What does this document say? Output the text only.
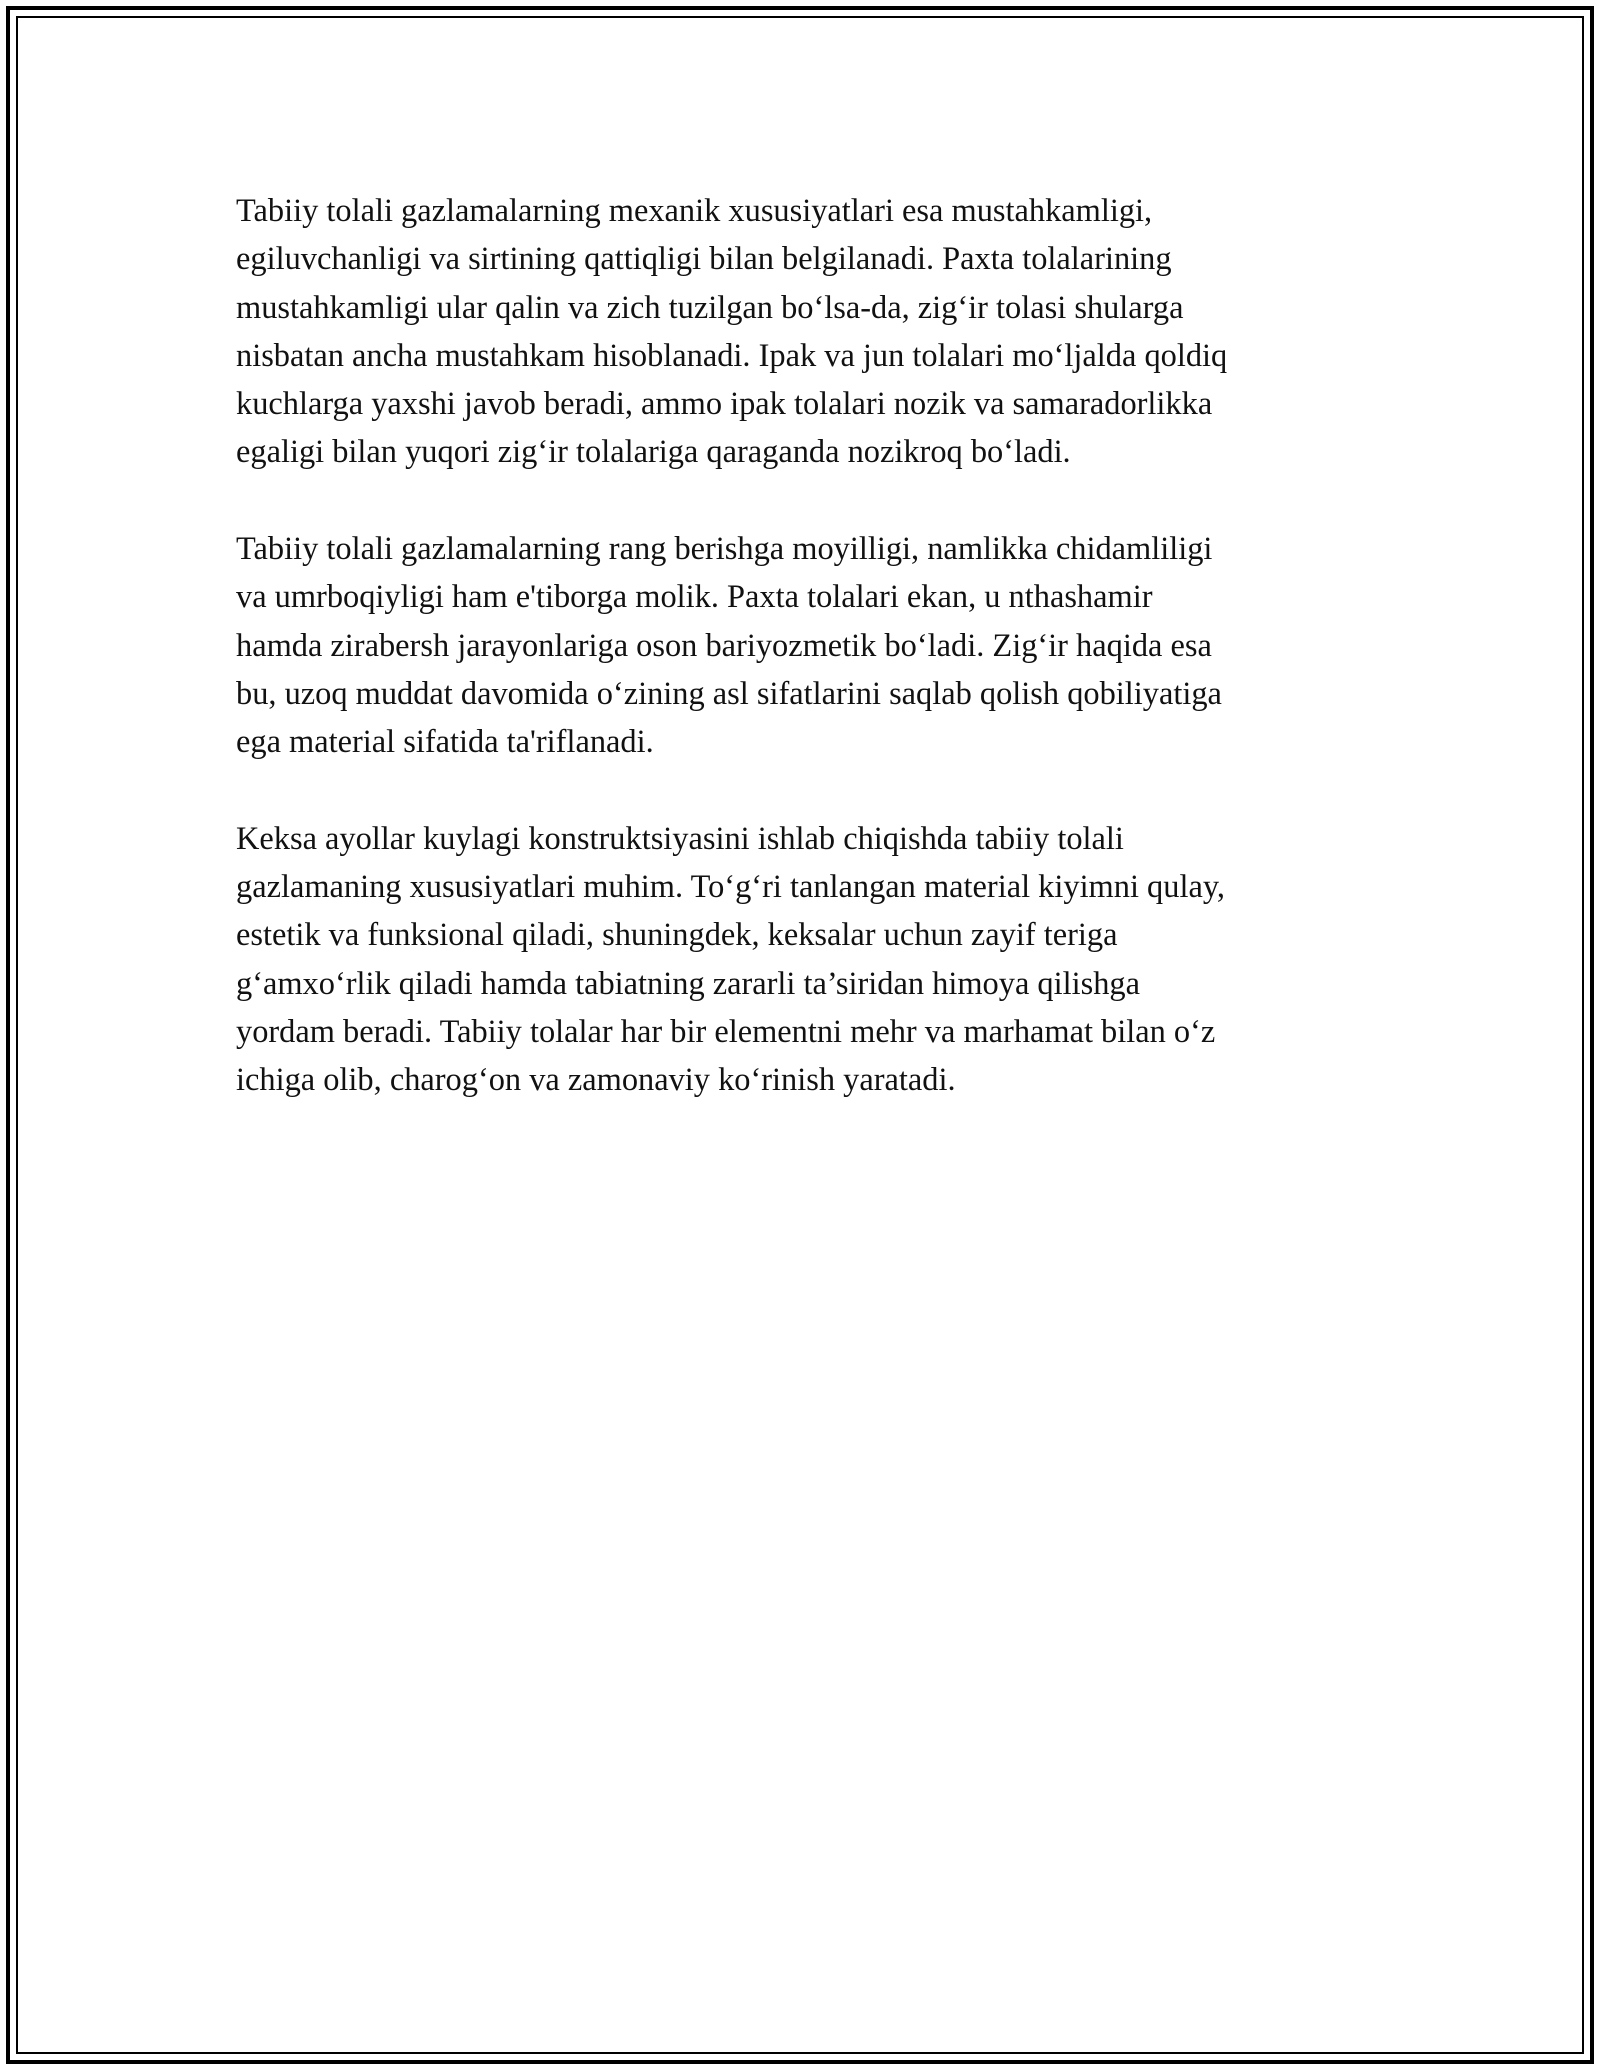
Tabiiy tolali gazlamalarning mexanik xususiyatlari esa mustahkamligi,
egiluvchanligi va sirtining qattiqligi bilan belgilanadi. Paxta tolalarining
mustahkamligi ular qalin va zich tuzilgan bo‘lsa-da, zig‘ir tolasi shularga
nisbatan ancha mustahkam hisoblanadi. Ipak va jun tolalari mo‘ljalda qoldiq
kuchlarga yaxshi javob beradi, ammo ipak tolalari nozik va samaradorlikka
egaligi bilan yuqori zig‘ir tolalariga qaraganda nozikroq bo‘ladi.

Tabiiy tolali gazlamalarning rang berishga moyilligi, namlikka chidamliligi
va umrboqiyligi ham e'tiborga molik. Paxta tolalari ekan, u nthashamir
hamda zirabersh jarayonlariga oson bariyozmetik bo‘ladi. Zig‘ir haqida esa
bu, uzoq muddat davomida o‘zining asl sifatlarini saqlab qolish qobiliyatiga
ega material sifatida ta'riflanadi.

Keksa ayollar kuylagi konstruktsiyasini ishlab chiqishda tabiiy tolali
gazlamaning xususiyatlari muhim. To‘g‘ri tanlangan material kiyimni qulay,
estetik va funksional qiladi, shuningdek, keksalar uchun zayif teriga
g‘amxo‘rlik qiladi hamda tabiatning zararli ta’siridan himoya qilishga
yordam beradi. Tabiiy tolalar har bir elementni mehr va marhamat bilan o‘z
ichiga olib, charog‘on va zamonaviy ko‘rinish yaratadi.
